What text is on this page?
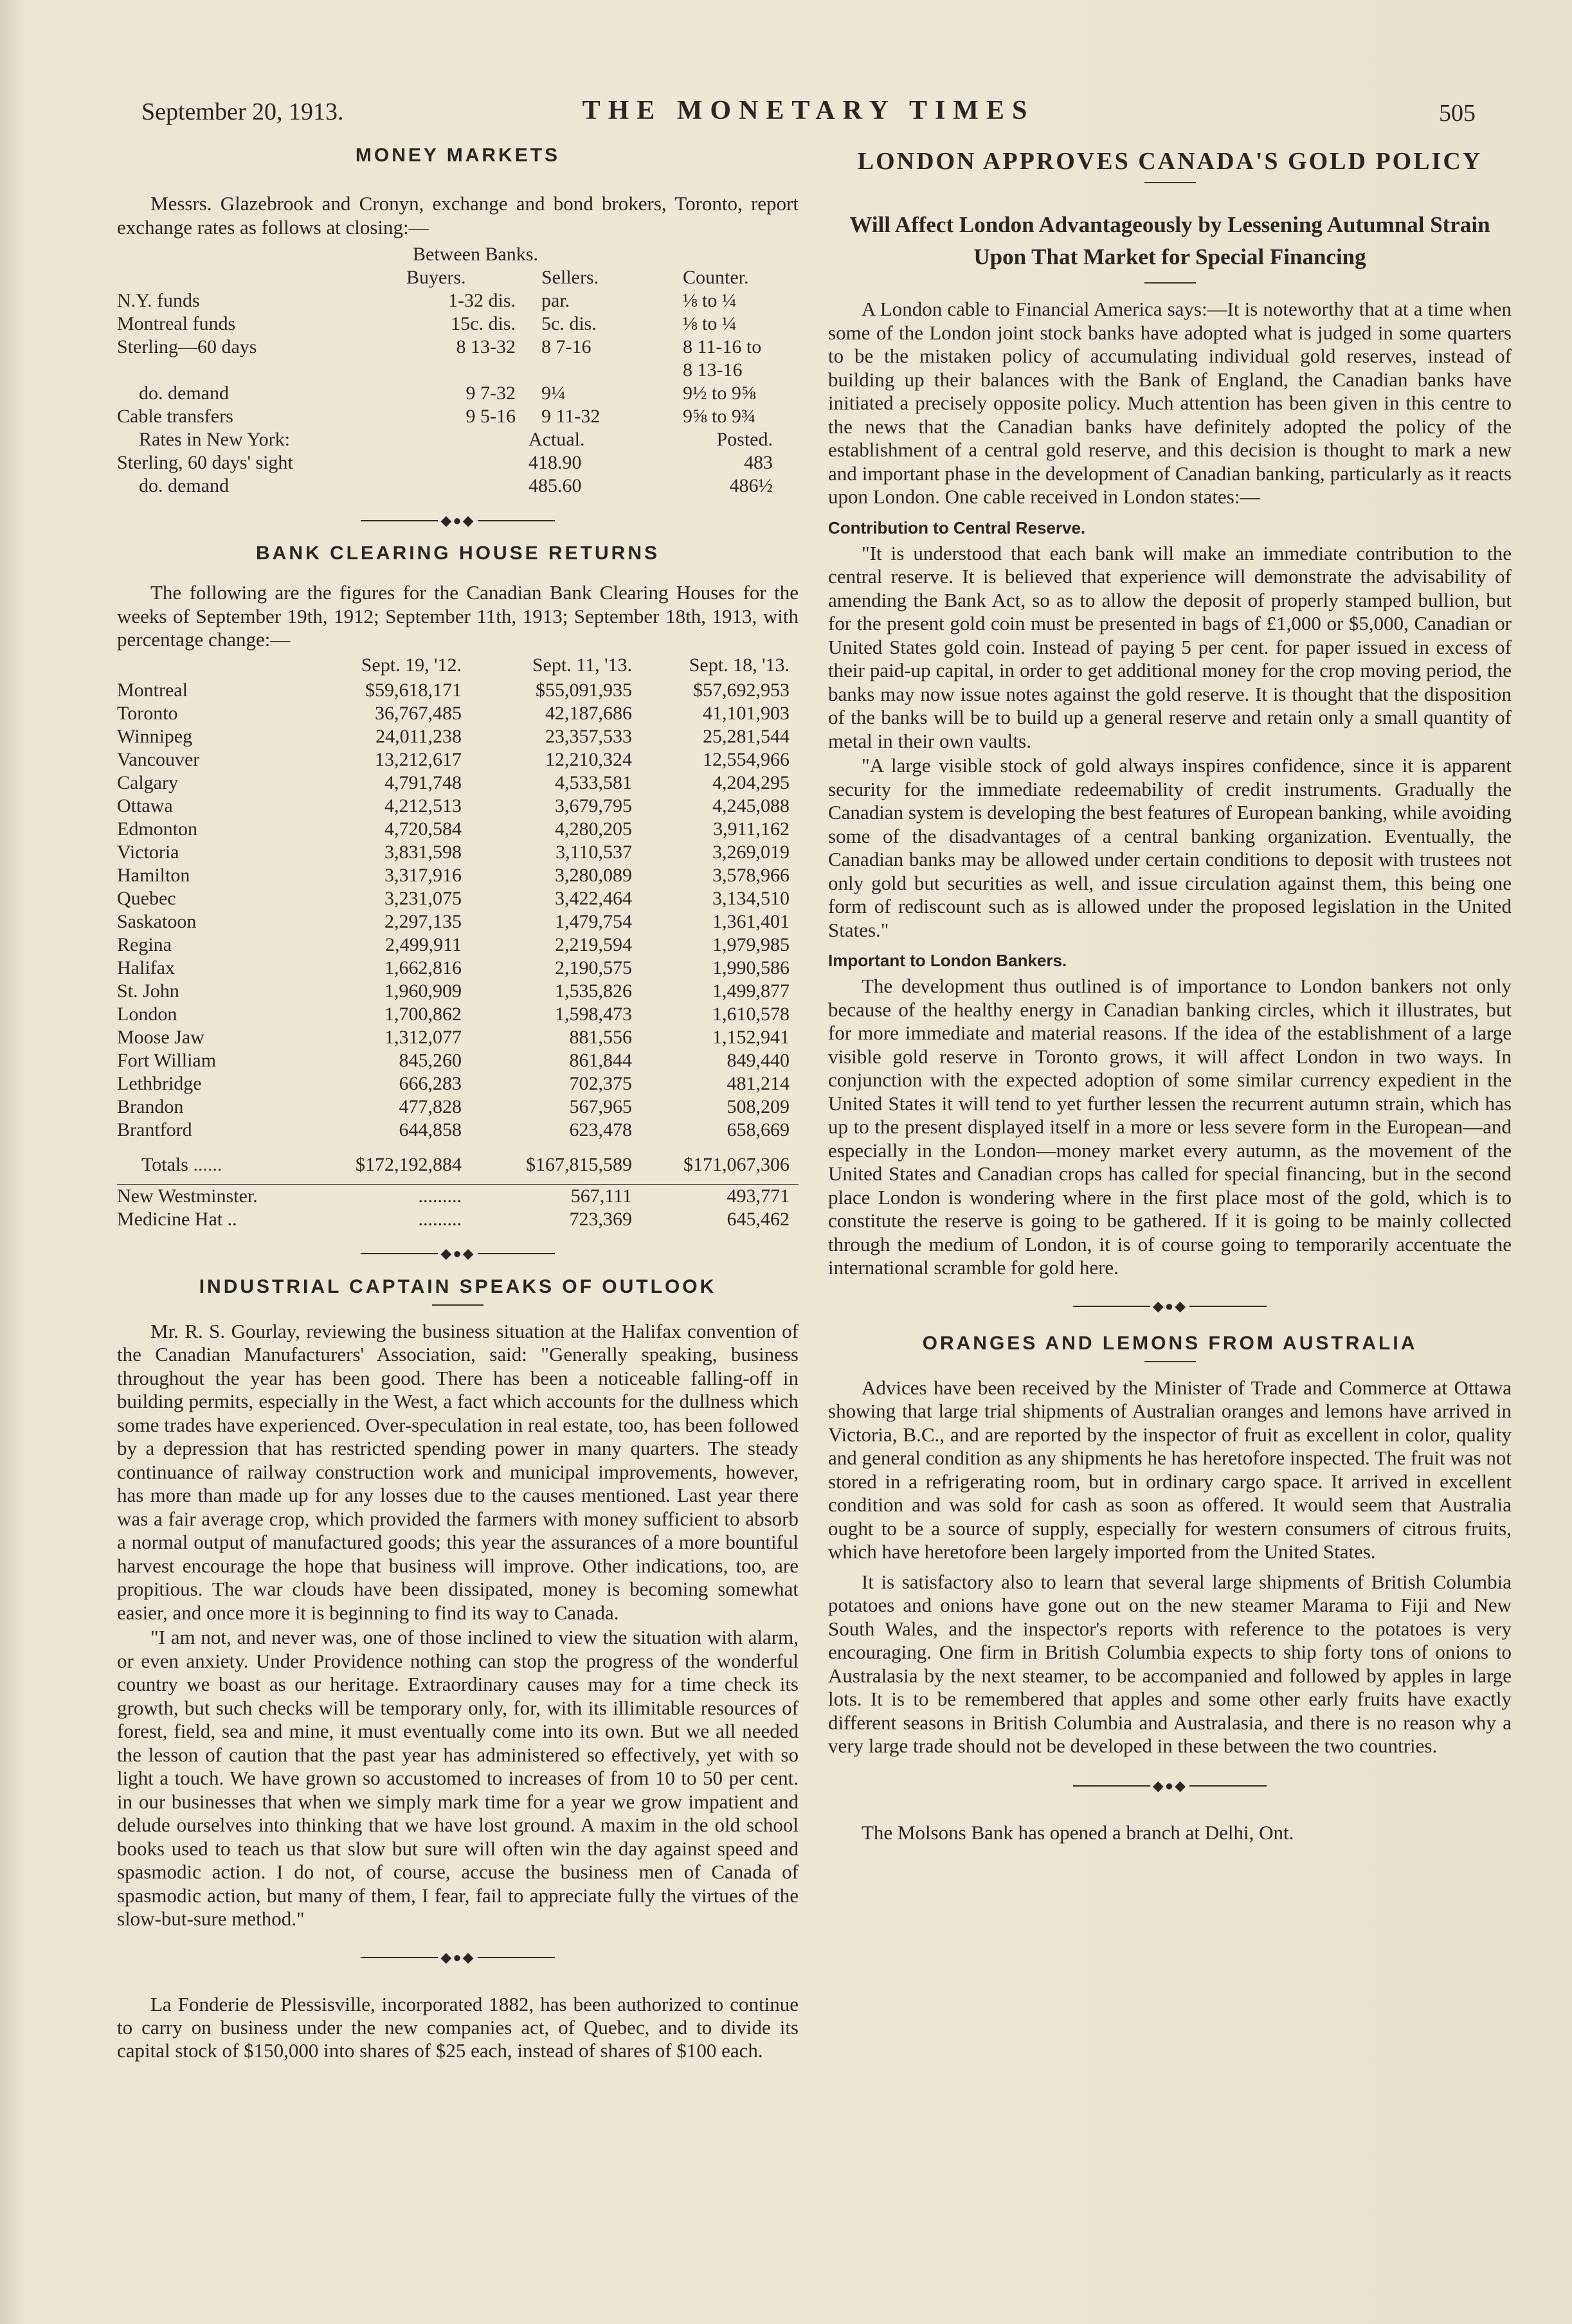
September 20, 1913.	THE MONETARY TIMES	505
MONEY MARKETS

Messrs. Glazebrook and Cronyn, exchange and bond brokers, Toronto, report exchange rates as follows at closing:—

	Between Banks.		
	Buyers.	Sellers.	Counter.
N.Y. funds	1-32 dis.	par.	⅛ to ¼
Montreal funds	15c. dis.	5c. dis.	⅛ to ¼
Sterling—60 days	8 13-32	8 7-16	8 11-16 to
			8 13-16
do. demand	9 7-32	9¼	9½ to 9⅝
Cable transfers	9 5-16	9 11-32	9⅝ to 9¾
Rates in New York:		Actual.	Posted.
Sterling, 60 days' sight		418.90	483
do. demand		485.60	486½
◆●◆
BANK CLEARING HOUSE RETURNS

The following are the figures for the Canadian Bank Clearing Houses for the weeks of September 19th, 1912; September 11th, 1913; September 18th, 1913, with percentage change:—

	Sept. 19, '12.	Sept. 11, '13.	Sept. 18, '13.
Montreal	$59,618,171	$55,091,935	$57,692,953
Toronto	36,767,485	42,187,686	41,101,903
Winnipeg	24,011,238	23,357,533	25,281,544
Vancouver	13,212,617	12,210,324	12,554,966
Calgary	4,791,748	4,533,581	4,204,295
Ottawa	4,212,513	3,679,795	4,245,088
Edmonton	4,720,584	4,280,205	3,911,162
Victoria	3,831,598	3,110,537	3,269,019
Hamilton	3,317,916	3,280,089	3,578,966
Quebec	3,231,075	3,422,464	3,134,510
Saskatoon	2,297,135	1,479,754	1,361,401
Regina	2,499,911	2,219,594	1,979,985
Halifax	1,662,816	2,190,575	1,990,586
St. John	1,960,909	1,535,826	1,499,877
London	1,700,862	1,598,473	1,610,578
Moose Jaw	1,312,077	881,556	1,152,941
Fort William	845,260	861,844	849,440
Lethbridge	666,283	702,375	481,214
Brandon	477,828	567,965	508,209
Brantford	644,858	623,478	658,669
Totals ......	$172,192,884	$167,815,589	$171,067,306
New Westminster.	.........	567,111	493,771
Medicine Hat ..	.........	723,369	645,462
◆●◆
INDUSTRIAL CAPTAIN SPEAKS OF OUTLOOK

Mr. R. S. Gourlay, reviewing the business situation at the Halifax convention of the Canadian Manufacturers' Association, said: "Generally speaking, business throughout the year has been good. There has been a noticeable falling-off in building permits, especially in the West, a fact which accounts for the dullness which some trades have experienced. Over-speculation in real estate, too, has been followed by a depression that has restricted spending power in many quarters. The steady continuance of railway construction work and municipal improvements, however, has more than made up for any losses due to the causes mentioned. Last year there was a fair average crop, which provided the farmers with money sufficient to absorb a normal output of manufactured goods; this year the assurances of a more bountiful harvest encourage the hope that business will improve. Other indications, too, are propitious. The war clouds have been dissipated, money is becoming somewhat easier, and once more it is beginning to find its way to Canada.

"I am not, and never was, one of those inclined to view the situation with alarm, or even anxiety. Under Providence nothing can stop the progress of the wonderful country we boast as our heritage. Extraordinary causes may for a time check its growth, but such checks will be temporary only, for, with its illimitable resources of forest, field, sea and mine, it must eventually come into its own. But we all needed the lesson of caution that the past year has administered so effectively, yet with so light a touch. We have grown so accustomed to increases of from 10 to 50 per cent. in our businesses that when we simply mark time for a year we grow impatient and delude ourselves into thinking that we have lost ground. A maxim in the old school books used to teach us that slow but sure will often win the day against speed and spasmodic action. I do not, of course, accuse the business men of Canada of spasmodic action, but many of them, I fear, fail to appreciate fully the virtues of the slow-but-sure method."

◆●◆

La Fonderie de Plessisville, incorporated 1882, has been authorized to continue to carry on business under the new companies act, of Quebec, and to divide its capital stock of $150,000 into shares of $25 each, instead of shares of $100 each.

LONDON APPROVES CANADA'S GOLD POLICY
Will Affect London Advantageously by Lessening Autumnal Strain Upon That Market for Special Financing

A London cable to Financial America says:—It is noteworthy that at a time when some of the London joint stock banks have adopted what is judged in some quarters to be the mistaken policy of accumulating individual gold reserves, instead of building up their balances with the Bank of England, the Canadian banks have initiated a precisely opposite policy. Much attention has been given in this centre to the news that the Canadian banks have definitely adopted the policy of the establishment of a central gold reserve, and this decision is thought to mark a new and important phase in the development of Canadian banking, particularly as it reacts upon London. One cable received in London states:—

Contribution to Central Reserve.

"It is understood that each bank will make an immediate contribution to the central reserve. It is believed that experience will demonstrate the advisability of amending the Bank Act, so as to allow the deposit of properly stamped bullion, but for the present gold coin must be presented in bags of £1,000 or $5,000, Canadian or United States gold coin. Instead of paying 5 per cent. for paper issued in excess of their paid-up capital, in order to get additional money for the crop moving period, the banks may now issue notes against the gold reserve. It is thought that the disposition of the banks will be to build up a general reserve and retain only a small quantity of metal in their own vaults.

"A large visible stock of gold always inspires confidence, since it is apparent security for the immediate redeemability of credit instruments. Gradually the Canadian system is developing the best features of European banking, while avoiding some of the disadvantages of a central banking organization. Eventually, the Canadian banks may be allowed under certain conditions to deposit with trustees not only gold but securities as well, and issue circulation against them, this being one form of rediscount such as is allowed under the proposed legislation in the United States."

Important to London Bankers.

The development thus outlined is of importance to London bankers not only because of the healthy energy in Canadian banking circles, which it illustrates, but for more immediate and material reasons. If the idea of the establishment of a large visible gold reserve in Toronto grows, it will affect London in two ways. In conjunction with the expected adoption of some similar currency expedient in the United States it will tend to yet further lessen the recurrent autumn strain, which has up to the present displayed itself in a more or less severe form in the European—and especially in the London—money market every autumn, as the movement of the United States and Canadian crops has called for special financing, but in the second place London is wondering where in the first place most of the gold, which is to constitute the reserve is going to be gathered. If it is going to be mainly collected through the medium of London, it is of course going to temporarily accentuate the international scramble for gold here.

◆●◆
ORANGES AND LEMONS FROM AUSTRALIA

Advices have been received by the Minister of Trade and Commerce at Ottawa showing that large trial shipments of Australian oranges and lemons have arrived in Victoria, B.C., and are reported by the inspector of fruit as excellent in color, quality and general condition as any shipments he has heretofore inspected. The fruit was not stored in a refrigerating room, but in ordinary cargo space. It arrived in excellent condition and was sold for cash as soon as offered. It would seem that Australia ought to be a source of supply, especially for western consumers of citrous fruits, which have heretofore been largely imported from the United States.

It is satisfactory also to learn that several large shipments of British Columbia potatoes and onions have gone out on the new steamer Marama to Fiji and New South Wales, and the inspector's reports with reference to the potatoes is very encouraging. One firm in British Columbia expects to ship forty tons of onions to Australasia by the next steamer, to be accompanied and followed by apples in large lots. It is to be remembered that apples and some other early fruits have exactly different seasons in British Columbia and Australasia, and there is no reason why a very large trade should not be developed in these between the two countries.

◆●◆

The Molsons Bank has opened a branch at Delhi, Ont.
